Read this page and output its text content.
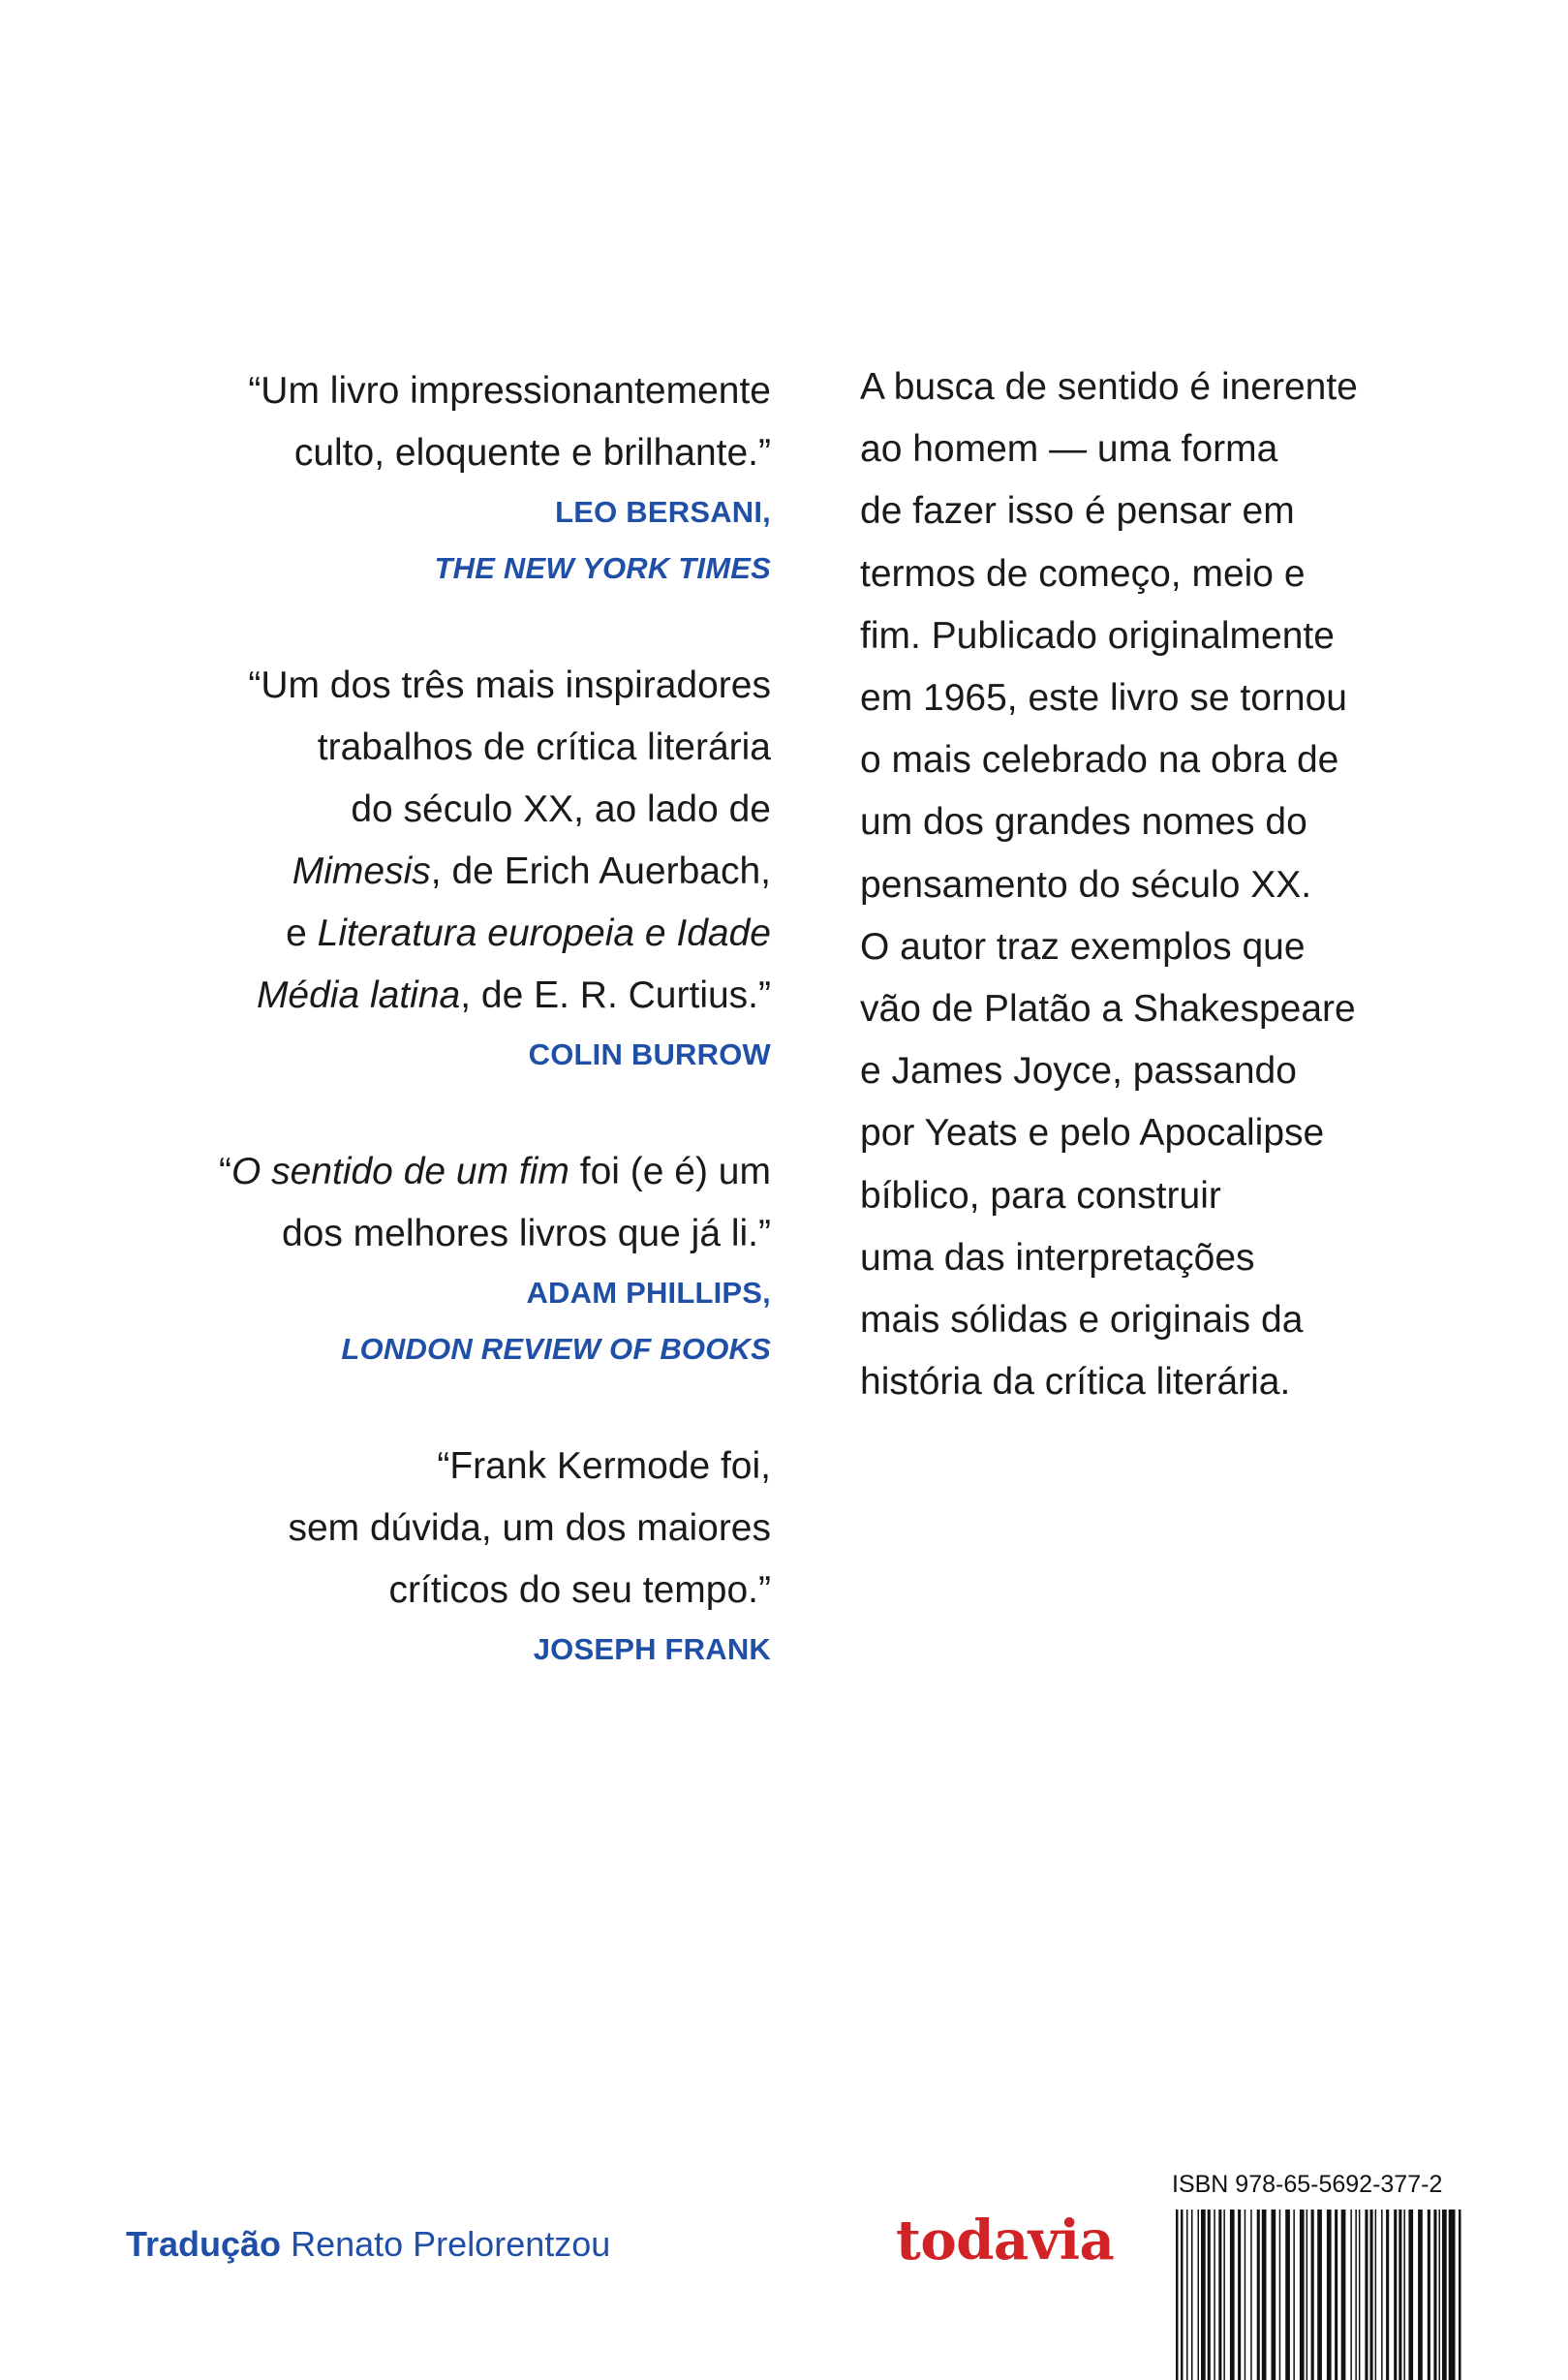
“Um livro impressionantemente
culto, eloquente e brilhante.”
LEO BERSANI,
THE NEW YORK TIMES
“Um dos três mais inspiradores
trabalhos de crítica literária
do século XX, ao lado de
Mimesis, de Erich Auerbach,
e Literatura europeia e Idade
Média latina, de E. R. Curtius.”
COLIN BURROW
“O sentido de um fim foi (e é) um
dos melhores livros que já li.”
ADAM PHILLIPS,
LONDON REVIEW OF BOOKS
“Frank Kermode foi,
sem dúvida, um dos maiores
críticos do seu tempo.”
JOSEPH FRANK
A busca de sentido é inerente
ao homem — uma forma
de fazer isso é pensar em
termos de começo, meio e
fim. Publicado originalmente
em 1965, este livro se tornou
o mais celebrado na obra de
um dos grandes nomes do
pensamento do século XX.
O autor traz exemplos que
vão de Platão a Shakespeare
e James Joyce, passando
por Yeats e pelo Apocalipse
bíblico, para construir
uma das interpretações
mais sólidas e originais da
história da crítica literária.
Tradução Renato Prelorentzou	todavia
ISBN 978-65-5692-377-2
